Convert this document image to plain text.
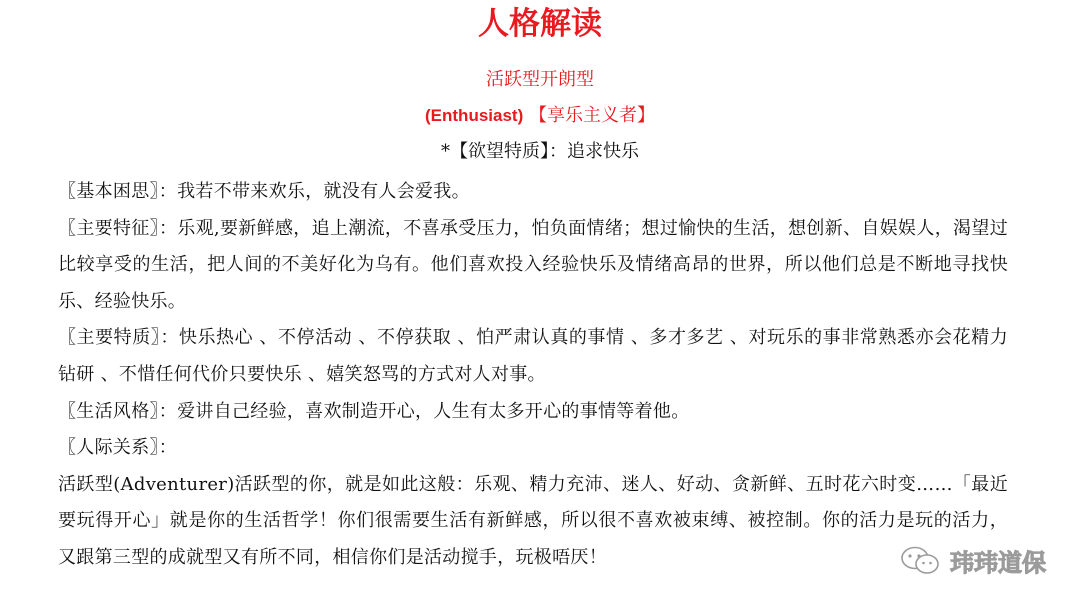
人格解读
活跃型开朗型
(Enthusiast) 【享乐主义者】
*【欲望特质】：追求快乐

〖基本困思〗：我若不带来欢乐，就没有人会爱我。

〖主要特征〗：乐观,要新鲜感，追上潮流，不喜承受压力，怕负面情绪；想过愉快的生活，想创新、自娱娱人，渴望过比较享受的生活，把人间的不美好化为乌有。他们喜欢投入经验快乐及情绪高昂的世界，所以他们总是不断地寻找快乐、经验快乐。

〖主要特质〗：快乐热心 、不停活动 、不停获取 、怕严肃认真的事情 、多才多艺 、对玩乐的事非常熟悉亦会花精力钻研 、不惜任何代价只要快乐 、嬉笑怒骂的方式对人对事。

〖生活风格〗：爱讲自己经验，喜欢制造开心，人生有太多开心的事情等着他。

〖人际关系〗：

活跃型(Adventurer)活跃型的你，就是如此这般：乐观、精力充沛、迷人、好动、贪新鲜、五时花六时变……「最近要玩得开心」就是你的生活哲学！你们很需要生活有新鲜感，所以很不喜欢被束缚、被控制。你的活力是玩的活力，又跟第三型的成就型又有所不同，相信你们是活动搅手，玩极唔厌！	玮玮道保
